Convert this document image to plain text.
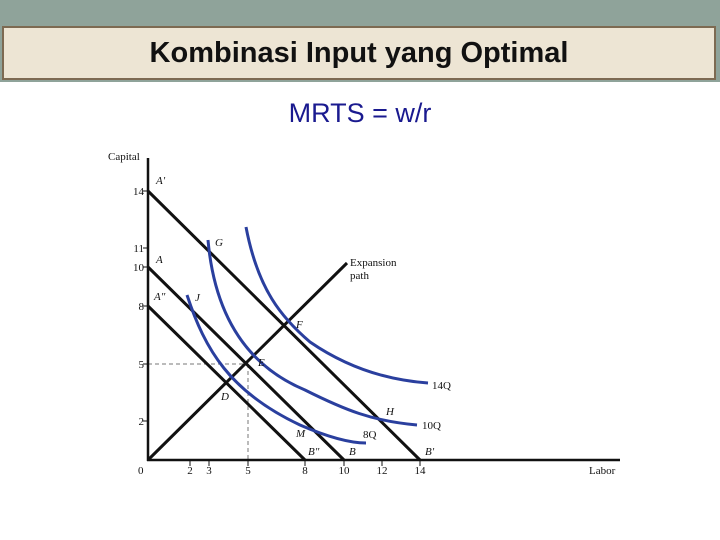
Kombinasi Input yang Optimal
MRTS = w/r
Capital
Labor
0
14
11
10
8
5
2
2 3	5	8	10 12 14
Expansion
path
A′
A
A″
G
J
F
E
D
H
M
B″	B	B′
14Q
10Q
8Q
